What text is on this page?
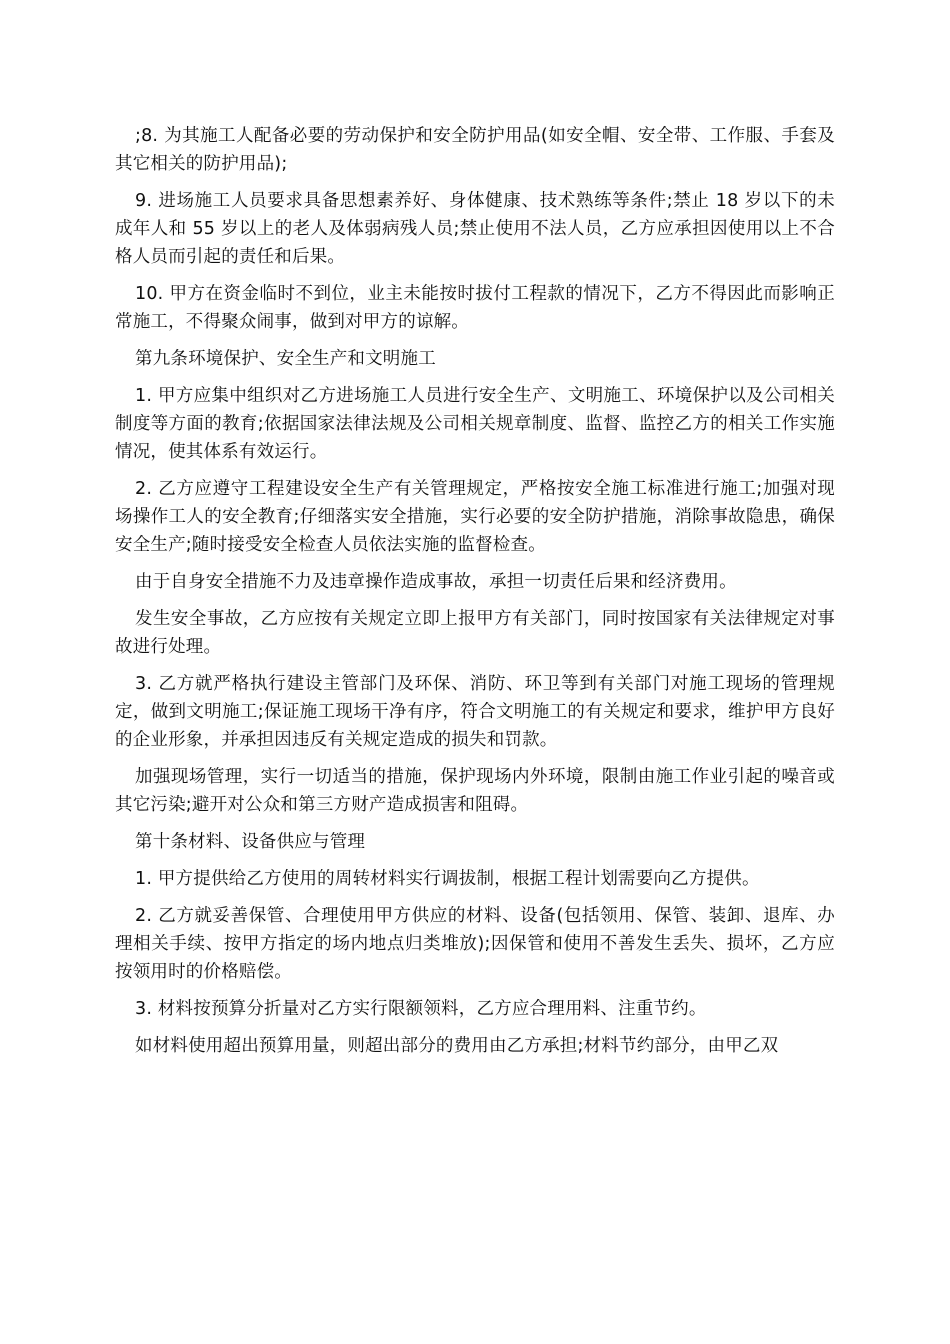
;8. 为其施工人配备必要的劳动保护和安全防护用品(如安全帽、安全带、工作服、手套及其它相关的防护用品);

9. 进场施工人员要求具备思想素养好、身体健康、技术熟练等条件;禁止 18 岁以下的未成年人和 55 岁以上的老人及体弱病残人员;禁止使用不法人员，乙方应承担因使用以上不合格人员而引起的责任和后果。

10. 甲方在资金临时不到位，业主未能按时拔付工程款的情况下，乙方不得因此而影响正常施工，不得聚众闹事，做到对甲方的谅解。

第九条环境保护、安全生产和文明施工

1. 甲方应集中组织对乙方进场施工人员进行安全生产、文明施工、环境保护以及公司相关制度等方面的教育;依据国家法律法规及公司相关规章制度、监督、监控乙方的相关工作实施情况，使其体系有效运行。

2. 乙方应遵守工程建设安全生产有关管理规定，严格按安全施工标准进行施工;加强对现场操作工人的安全教育;仔细落实安全措施，实行必要的安全防护措施，消除事故隐患，确保安全生产;随时接受安全检查人员依法实施的监督检查。

由于自身安全措施不力及违章操作造成事故，承担一切责任后果和经济费用。

发生安全事故，乙方应按有关规定立即上报甲方有关部门，同时按国家有关法律规定对事故进行处理。

3. 乙方就严格执行建设主管部门及环保、消防、环卫等到有关部门对施工现场的管理规定，做到文明施工;保证施工现场干净有序，符合文明施工的有关规定和要求，维护甲方良好的企业形象，并承担因违反有关规定造成的损失和罚款。

加强现场管理，实行一切适当的措施，保护现场内外环境，限制由施工作业引起的噪音或其它污染;避开对公众和第三方财产造成损害和阻碍。

第十条材料、设备供应与管理

1. 甲方提供给乙方使用的周转材料实行调拔制，根据工程计划需要向乙方提供。

2. 乙方就妥善保管、合理使用甲方供应的材料、设备(包括领用、保管、装卸、退库、办理相关手续、按甲方指定的场内地点归类堆放);因保管和使用不善发生丢失、损坏，乙方应按领用时的价格赔偿。

3. 材料按预算分折量对乙方实行限额领料，乙方应合理用料、注重节约。

如材料使用超出预算用量，则超出部分的费用由乙方承担;材料节约部分，由甲乙双
